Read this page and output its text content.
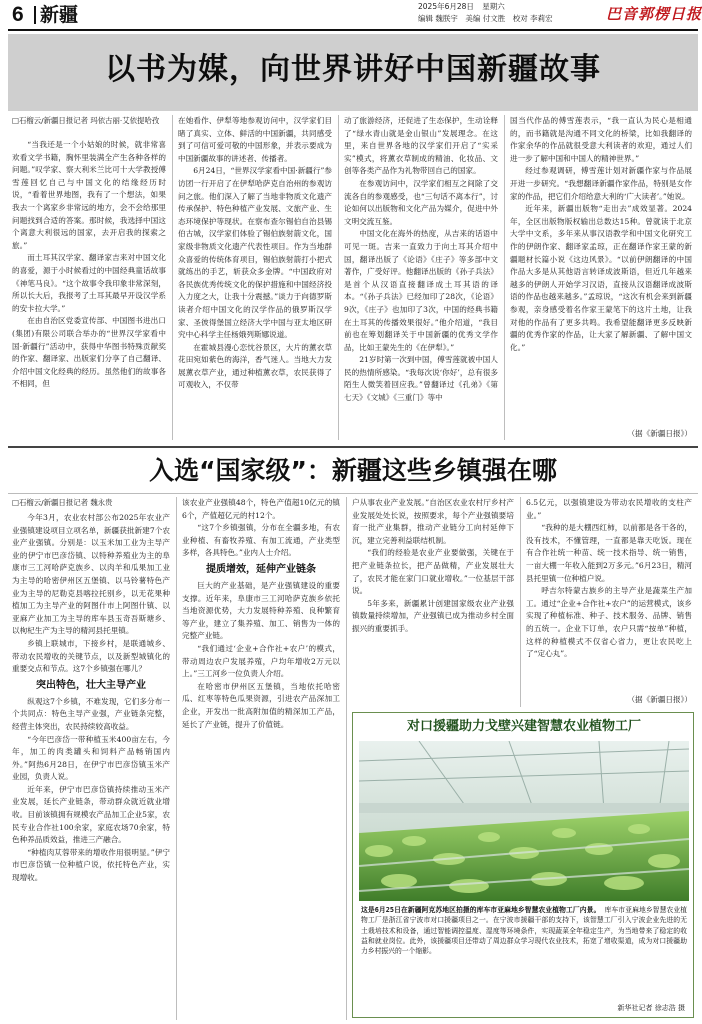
6 新疆	2025年6月28日 星期六
编辑 魏朕宇　美编 付文胜　校对 李莉宏	巴音郭楞日报
以书为媒，向世界讲好中国新疆故事
□石榴云/新疆日报记者 玛依古丽·艾依提哈孜

“当我还是一个小姑娘的时候，就非常喜欢看文学书籍，胸怀里装满全产生各种各样的问题。”叹学家、察大利米兰比可十大学教授傅雪莲回忆自己与中国文化的结缘经历时说，“看着世界地图，我有了一个想法，如果我去一个离家乡非常远的地方，会不会给那里问题找到合适的答案。那时候，我选择中国这个离意大利很远的国家，去开启我的探索之旅。”

而土耳其汉学家、翻译家吉来对中国文化的喜爱，源于小时候看过的中国经典童话故事《神笔马良》。“这个故事令我印象非常深刻，所以长大后，我报考了土耳其最早开设汉学系的安卡拉大学。”

在由自治区党委宣传部、中国图书进出口(集团)有限公司联合举办的“世界汉学家看中国·新疆行”活动中，获得中华图书特殊贡献奖的作家、翻译家、出版家们分享了自己翻译、介绍中国文化经典的经历。虽然他们的故事各不相同，但

在她看作、伊犁等地参观访问中，汉学家们目睹了真实、立体、鲜活的中国新疆，共同感受到了可信可爱可敬的中国形象，并表示要成为中国新疆故事的讲述者、传播者。

6月24日，“世界汉学家看中国·新疆行”参访团一行开启了在伊犁哈萨克自治州的参观访问之旅。他们深入了解了当地非物质文化遗产传承保护、特色种植产业发展、文旅产业、生态环境保护等现状。在察布查尔锡伯自治县锡伯古城，汉学家们体验了锡伯族射箭文化，国家级非物质文化遗产代表性项目。作为当地群众喜爱的传统体育项目，锡伯族射箭打小把式就练出的手艺，斩获众多金牌。“中国政府对各民族优秀传统文化的保护措施和中国经济投入力度之大，让我十分震撼。”谈力于向德罗斯读者介绍中国文化的汉学作品的俄罗斯汉学家、圣彼得堡国立经济大学中国与亚太地区研究中心科学主任杨娥列斯娜说道。

在霍城县漫心恋忱谷景区，大片的薰衣草花田宛如紫色的海洋，香气迷人。当地大力发展薰衣草产业，通过种植薰衣草，农民获得了可观收入，不仅带

动了旅游经济，还促进了生态保护，生动诠释了“绿水青山就是金山银山”发展理念。在这里，来自世界各地的汉学家们开启了“实采实”模式，将薰衣草制成的精油、化妆品、文创等各类产品作为礼物带回自己的国家。

在参观访问中，汉学家们相互之间除了交流各自的参观感受，也“三句话不离本行”，讨论如何以出版物和文化产品为媒介，促进中外文明交流互鉴。

中国文化在海外的热度，从吉来的话语中可见一斑。吉来一直致力于向土耳其介绍中国，翻译出版了《论语》《庄子》等多部中文著作，广受好评。他翻译出版的《孙子兵法》是首个从汉语直接翻译成土耳其语的译本。“《孙子兵法》已经加印了28次，《论语》9次，《庄子》也加印了3次，中国的经典书籍在土耳其的传播效果很好。”他介绍道，“我目前也在筹划翻译关于中国新疆的优秀文学作品，比如王蒙先生的《在伊犁》。”

21岁时第一次到中国，傅雪莲就被中国人民的热情所感染。“我每次说‘你好’，总有很多陌生人微笑着回应我。”曾翻译过《孔弟》《第七天》《文城》《三重门》等中

国当代作品的傅雪莲表示，“我一直认为民心是相通的，而书籍就是沟通不同文化的桥梁，比如我翻译的作家余华的作品就很受意大利读者的欢迎，通过人们进一步了解中国和中国人的精神世界。”

经过参观调研，傅雪莲计划对新疆作家与作品展开进一步研究。“我想翻译新疆作家作品，特别是女作家的作品，把它们介绍给意大利的‘广大读者’。”她说。

近年来，新疆出版物“走出去”成效显著。2024年，全区出版物版权输出总数达15种。曾就读于北京大学中文系，多年来从事汉语教学和中国文化研究工作的伊朗作家、翻译家孟琼，正在翻译作家王蒙的新疆题材长篇小说《这边风景》。“以前伊朗翻译的中国作品大多是从其他语言转译成波斯语，但近几年越来越多的伊朗人开始学习汉语，直接从汉语翻译成波斯语的作品也越来越多。”孟琼说，“这次有机会来到新疆参观，亲身感受着名作家王蒙笔下的这片土地，让我对他的作品有了更多共鸣。我希望能翻译更多反映新疆的优秀作家的作品，让大家了解新疆、了解中国文化。”

（据《新疆日报》）
入选“国家级”：新疆这些乡镇强在哪
□石榴云/新疆日报记者 魏永贵

今年3月，农业农村部公布2025年农业产业强镇建设项目立项名单，新疆获批新建7个农业产业强镇。分别是：以玉米加工业为主导产业的伊宁市巴彦岱镇、以特种养殖业为主的阜康市三工河哈萨克族乡、以肉羊和瓜果加工业为主导的哈密伊州区五堡镇、以马铃薯特色产业为主导的尼勒克县喀拉托别乡，以无花果种植加工为主导产业的阿图什市上阿图什镇、以亚麻产业加工为主导的库车县玉奇吾斯塘乡、以枸杞生产为主导的精河县托里镇。

乡镇上联城市，下接乡村，是联通城乡、带动农民增收的关键节点，以及新型城镇化的重要交点和节点。这7个乡镇强在哪儿？

突出特色，壮大主导产业

纵观这7个乡镇，不难发现，它们多分布一个共同点：特色主导产业强，产业链条完整，经营主体突出，农民持续较高收益。

“今年巴彦岱一带种植玉米400亩左右，今年，加工的肉类罐头和饲料产品畅销国内外。”阿热6月28日，在伊宁市巴彦岱镇玉米产业园，负责人说。

近年来，伊宁市巴彦岱镇持续推动玉米产业发展，延长产业链条，带动群众就近就业增收。目前该镇拥有规模农产品加工企业5家，农民专业合作社100余家，家庭农场70余家，特色种养品质效益，推进三产融合。

“种植肉苁蓉带来的增收作用很明显。”伊宁市巴彦岱镇一位种植户说，依托特色产业，实现增收。

该农业产业强镇48个，特色产值超10亿元的镇6个，产值超亿元的村12个。

“这7个乡镇强镇，分布在全疆多地，有农业种植、有畜牧养殖、有加工流通，产业类型多样，各具特色。”业内人士介绍。

提质增效，延伸产业链条

巨大的产业基础，是产业强镇建设的重要支撑。近年来，阜康市三工河哈萨克族乡依托当地资源优势，大力发展特种养殖、良种繁育等产业，建立了集养殖、加工、销售为一体的完整产业链。

“我们通过‘企业+合作社+农户’的模式，带动周边农户发展养殖，户均年增收2万元以上。”三工河乡一位负责人介绍。

在哈密市伊州区五堡镇，当地依托哈密瓜、红枣等特色瓜果资源，引进农产品深加工企业，开发出一批高附加值的精深加工产品，延长了产业链，提升了价值链。

户从事农业产业发展。”自治区农业农村厅乡村产业发展处处长说，按照要求，每个产业强镇要培育一批产业集群，推动产业链分工向村延伸下沉，建立完善利益联结机制。

“我们的经验是农业产业要做强，关键在于把产业链条拉长，把产品做精，产业发展壮大了，农民才能在家门口就业增收。”一位基层干部说。

5年多来，新疆累计创建国家级农业产业强镇数量持续增加，产业强镇已成为推动乡村全面振兴的重要抓手。

6.5亿元，以强镇建设为带动农民增收的支柱产业。”

“我种的是大棚西红柿，以前都是各干各的，没有技术，不懂管理，一直都是靠天吃饭。现在有合作社统一种苗、统一技术指导、统一销售，一亩大棚一年收入能到2万多元。”6月23日，精河县托里镇一位种植户说。

呼吉尔特蒙古族乡的主导产业是蔬菜生产加工。通过“企业+合作社+农户”的运营模式，该乡实现了种植标准、种子、技术服务、品牌、销售的五统一。企业下订单，农户只需“按单”种植，这样的种植模式不仅省心省力，更让农民吃上了“定心丸”。

（据《新疆日报》）
对口援疆助力戈壁兴建智慧农业植物工厂
这是6月25日在新疆阿克苏地区拍摄的库车市亚麻地乡智慧农业植物工厂内景。 库车市亚麻地乡智慧农业植物工厂是浙江省宁波市对口援疆项目之一。在宁波市援疆干部的支持下，该智慧工厂引入宁波企业先进的无土栽培技术和设备，通过智能调控温度、湿度等环境条件，实现蔬菜全年稳定生产，为当地带来了稳定的收益和就业岗位。此外，该援疆项目还带动了周边群众学习现代农业技术，拓宽了增收渠道，成为对口援疆助力乡村振兴的一个缩影。
新华社记者 徐志浩 摄
